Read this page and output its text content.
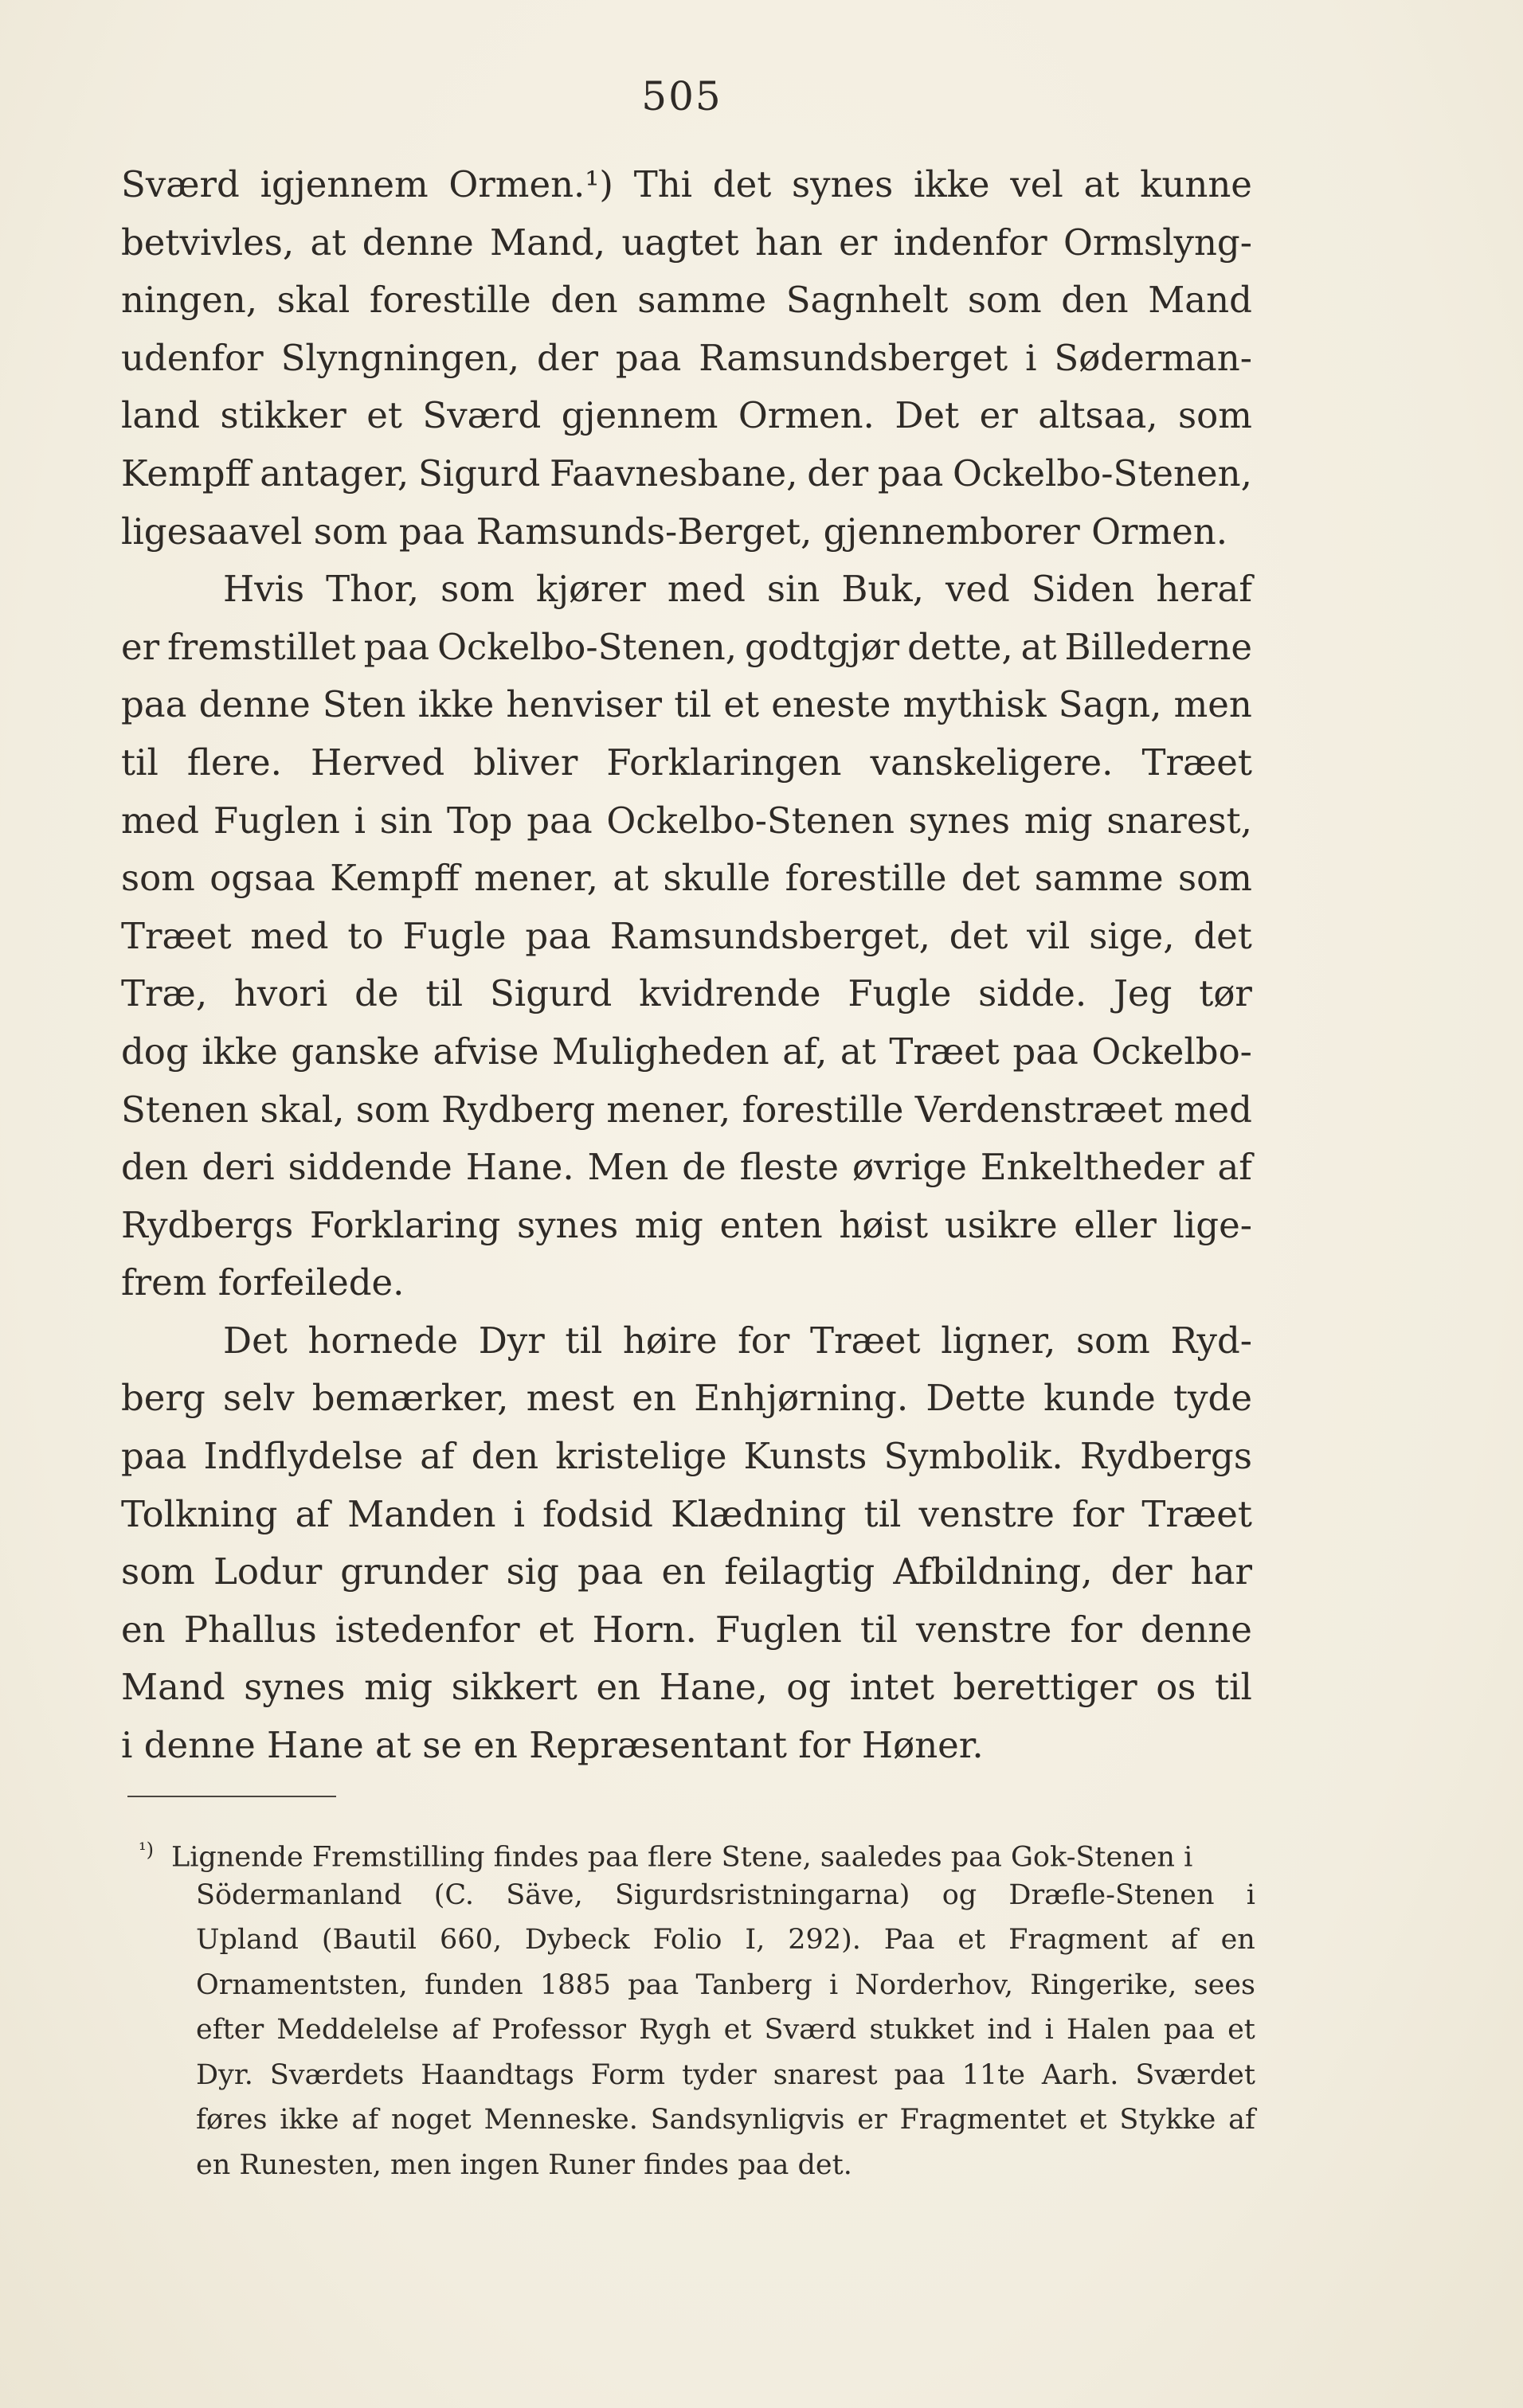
505
Sværd igjennem Ormen.¹) Thi det synes ikke vel at kunne
betvivles, at denne Mand, uagtet han er indenfor Ormslyng-
ningen, skal forestille den samme Sagnhelt som den Mand
udenfor Slyngningen, der paa Ramsundsberget i Søderman-
land stikker et Sværd gjennem Ormen. Det er altsaa, som
Kempff antager, Sigurd Faavnesbane, der paa Ockelbo-Stenen,
ligesaavel som paa Ramsunds-Berget, gjennemborer Ormen.
Hvis Thor, som kjører med sin Buk, ved Siden heraf
er fremstillet paa Ockelbo-Stenen, godtgjør dette, at Billederne
paa denne Sten ikke henviser til et eneste mythisk Sagn, men
til flere. Herved bliver Forklaringen vanskeligere. Træet
med Fuglen i sin Top paa Ockelbo-Stenen synes mig snarest,
som ogsaa Kempff mener, at skulle forestille det samme som
Træet med to Fugle paa Ramsundsberget, det vil sige, det
Træ, hvori de til Sigurd kvidrende Fugle sidde. Jeg tør
dog ikke ganske afvise Muligheden af, at Træet paa Ockelbo-
Stenen skal, som Rydberg mener, forestille Verdenstræet med
den deri siddende Hane. Men de fleste øvrige Enkeltheder af
Rydbergs Forklaring synes mig enten høist usikre eller lige-
frem forfeilede.
Det hornede Dyr til høire for Træet ligner, som Ryd-
berg selv bemærker, mest en Enhjørning. Dette kunde tyde
paa Indflydelse af den kristelige Kunsts Symbolik. Rydbergs
Tolkning af Manden i fodsid Klædning til venstre for Træet
som Lodur grunder sig paa en feilagtig Afbildning, der har
en Phallus istedenfor et Horn. Fuglen til venstre for denne
Mand synes mig sikkert en Hane, og intet berettiger os til
i denne Hane at se en Repræsentant for Høner.
$^{^1)}$ Lignende Fremstilling findes paa flere Stene, saaledes paa Gok-Stenen i
Södermanland (C. Säve, Sigurdsristningarna) og Dræfle-Stenen i
Upland (Bautil 660, Dybeck Folio I, 292). Paa et Fragment af en
Ornamentsten, funden 1885 paa Tanberg i Norderhov, Ringerike, sees
efter Meddelelse af Professor Rygh et Sværd stukket ind i Halen paa et
Dyr. Sværdets Haandtags Form tyder snarest paa 11te Aarh. Sværdet
føres ikke af noget Menneske. Sandsynligvis er Fragmentet et Stykke af
en Runesten, men ingen Runer findes paa det.
